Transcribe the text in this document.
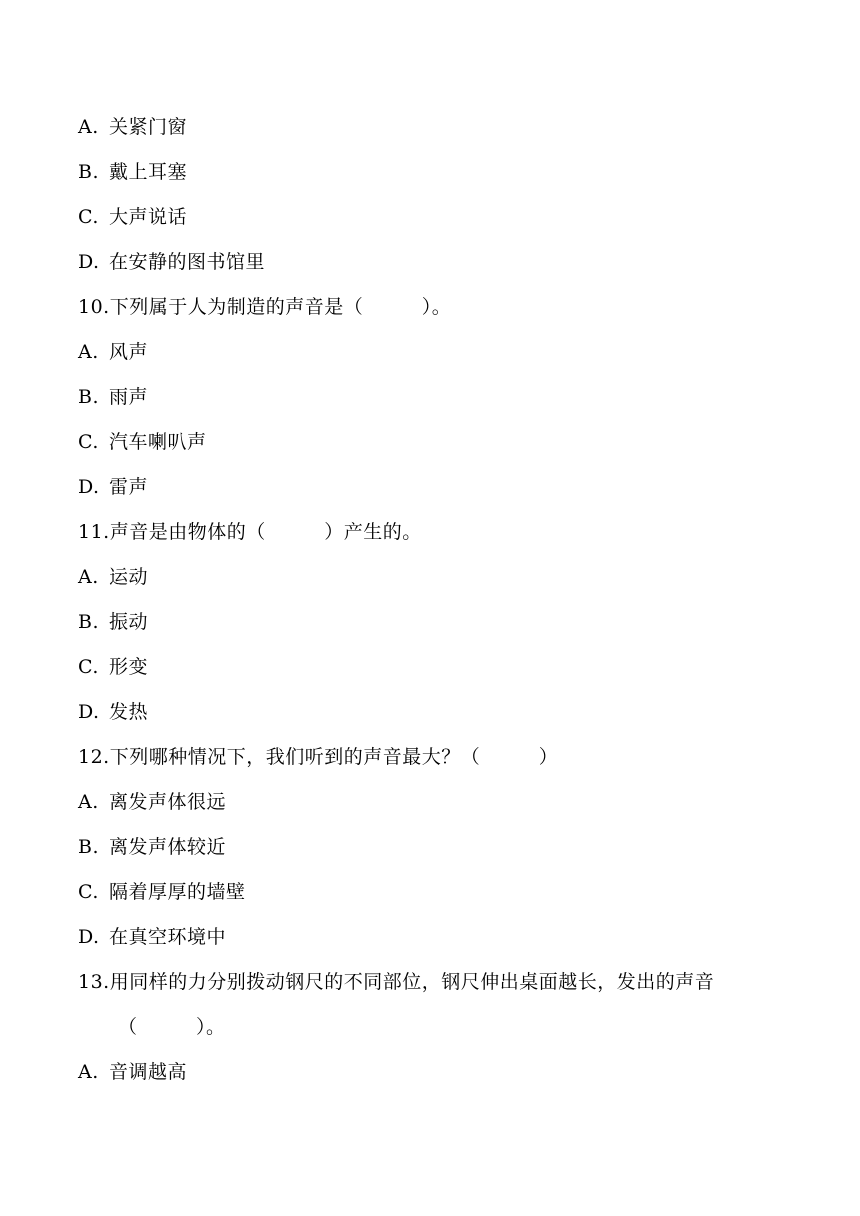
A. 关紧门窗
B. 戴上耳塞
C. 大声说话
D. 在安静的图书馆里
10.下列属于人为制造的声音是（　　　）。
A. 风声
B. 雨声
C. 汽车喇叭声
D. 雷声
11.声音是由物体的（　　　）产生的。
A. 运动
B. 振动
C. 形变
D. 发热
12.下列哪种情况下，我们听到的声音最大？（　　　）
A. 离发声体很远
B. 离发声体较近
C. 隔着厚厚的墙壁
D. 在真空环境中
13.用同样的力分别拨动钢尺的不同部位，钢尺伸出桌面越长，发出的声音
（　　　）。
A. 音调越高
